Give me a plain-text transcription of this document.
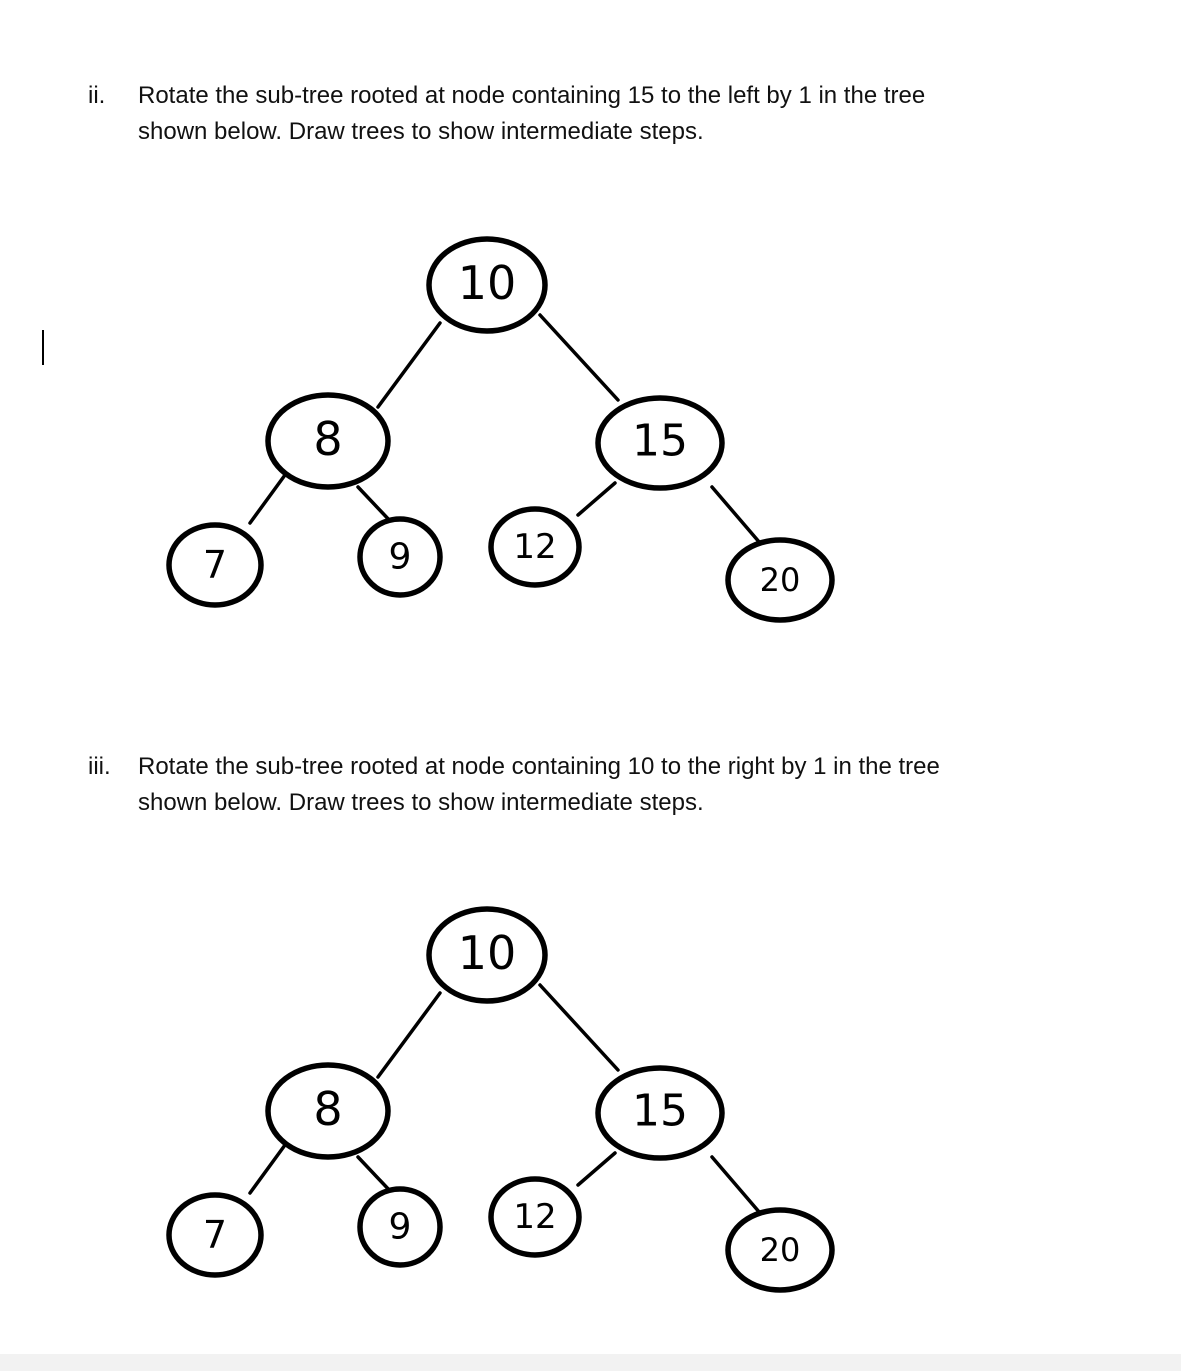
ii. Rotate the sub-tree rooted at node containing 15 to the left by 1 in the tree
shown below. Draw trees to show intermediate steps.
10
8	15
7	9	12
20
iii. Rotate the sub-tree rooted at node containing 10 to the right by 1 in the tree
shown below. Draw trees to show intermediate steps.
10
8	15
7	9	12
20
